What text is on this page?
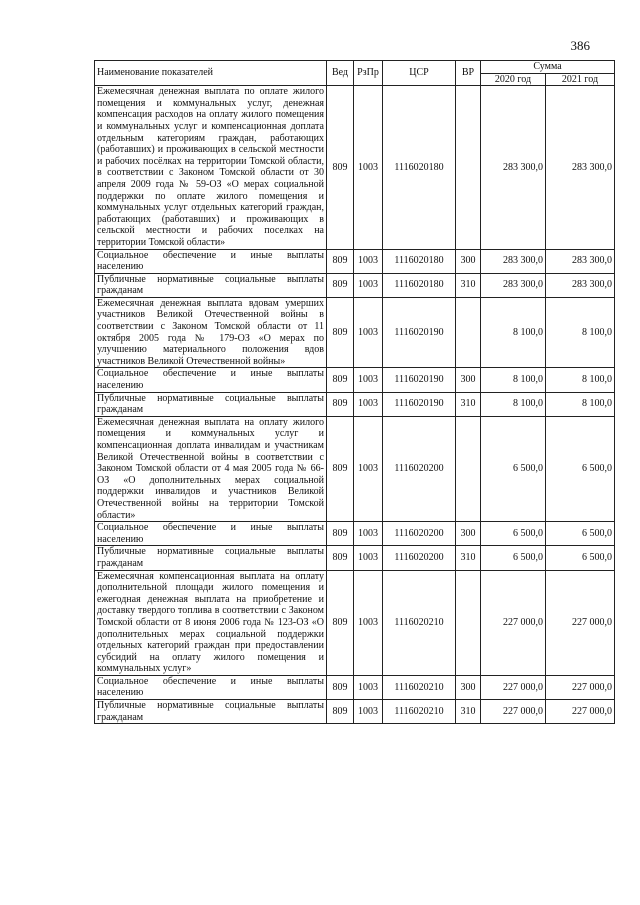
386
Наименование показателей	Вед	РзПр	ЦСР	ВР	Сумма	
					2020 год	2021 год
Ежемесячная денежная выплата по оплате жилого помещения и коммунальных услуг, денежная компенсация расходов на оплату жилого помещения и коммунальных услуг и компенсационная доплата отдельным категориям граждан, работающих (работавших) и проживающих в сельской местности и рабочих посёлках на территории Томской области, в соответствии с Законом Томской области от 30 апреля 2009 года № 59-ОЗ «О мерах социальной поддержки по оплате жилого помещения и коммунальных услуг отдельных категорий граждан, работающих (работавших) и проживающих в сельской местности и рабочих поселках на территории Томской области»	809	1003	1116020180		283 300,0	283 300,0
Социальное обеспечение и иные выплаты населению	809	1003	1116020180	300	283 300,0	283 300,0
Публичные нормативные социальные выплаты гражданам	809	1003	1116020180	310	283 300,0	283 300,0
Ежемесячная денежная выплата вдовам умерших участников Великой Отечественной войны в соответствии с Законом Томской области от 11 октября 2005 года № 179-ОЗ «О мерах по улучшению материального положения вдов участников Великой Отечественной войны»	809	1003	1116020190		8 100,0	8 100,0
Социальное обеспечение и иные выплаты населению	809	1003	1116020190	300	8 100,0	8 100,0
Публичные нормативные социальные выплаты гражданам	809	1003	1116020190	310	8 100,0	8 100,0
Ежемесячная денежная выплата на оплату жилого помещения и коммунальных услуг и компенсационная доплата инвалидам и участникам Великой Отечественной войны в соответствии с Законом Томской области от 4 мая 2005 года № 66-ОЗ «О дополнительных мерах социальной поддержки инвалидов и участников Великой Отечественной войны на территории Томской области»	809	1003	1116020200		6 500,0	6 500,0
Социальное обеспечение и иные выплаты населению	809	1003	1116020200	300	6 500,0	6 500,0
Публичные нормативные социальные выплаты гражданам	809	1003	1116020200	310	6 500,0	6 500,0
Ежемесячная компенсационная выплата на оплату дополнительной площади жилого помещения и ежегодная денежная выплата на приобретение и доставку твердого топлива в соответствии с Законом Томской области от 8 июня 2006 года № 123-ОЗ «О дополнительных мерах социальной поддержки отдельных категорий граждан при предоставлении субсидий на оплату жилого помещения и коммунальных услуг»	809	1003	1116020210		227 000,0	227 000,0
Социальное обеспечение и иные выплаты населению	809	1003	1116020210	300	227 000,0	227 000,0
Публичные нормативные социальные выплаты гражданам	809	1003	1116020210	310	227 000,0	227 000,0
